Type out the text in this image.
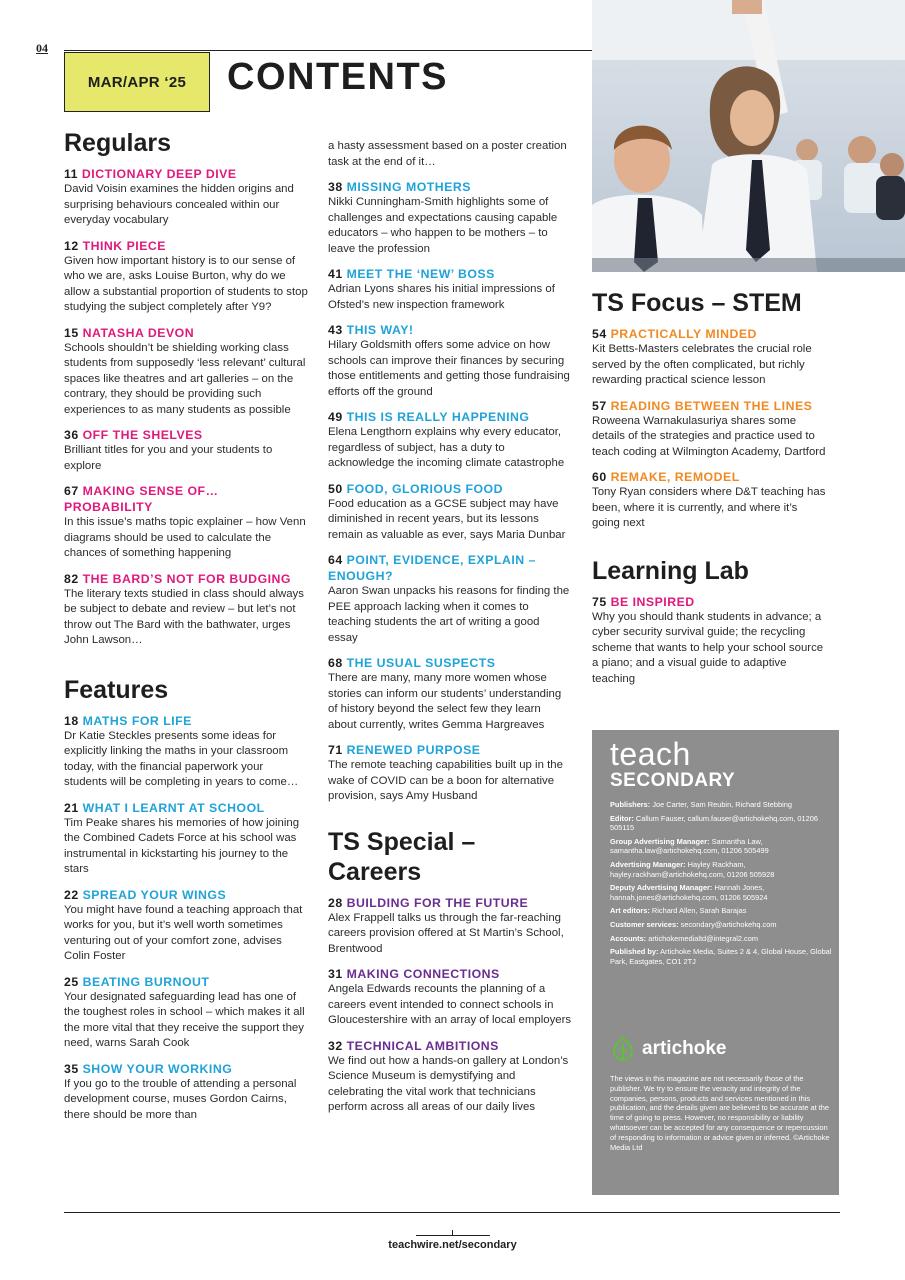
04
MAR/APR ‘25	CONTENTS
Regulars
11 DICTIONARY DEEP DIVE
David Voisin examines the hidden origins and surprising behaviours concealed within our everyday vocabulary
12 THINK PIECE
Given how important history is to our sense of who we are, asks Louise Burton, why do we allow a substantial proportion of students to stop studying the subject completely after Y9?
15 NATASHA DEVON
Schools shouldn’t be shielding working class students from supposedly ‘less relevant’ cultural spaces like theatres and art galleries – on the contrary, they should be providing such experiences to as many students as possible
36 OFF THE SHELVES
Brilliant titles for you and your students to explore
67 MAKING SENSE OF… PROBABILITY
In this issue’s maths topic explainer – how Venn diagrams should be used to calculate the chances of something happening
82 THE BARD’S NOT FOR BUDGING
The literary texts studied in class should always be subject to debate and review – but let’s not throw out The Bard with the bathwater, urges John Lawson…
Features
18 MATHS FOR LIFE
Dr Katie Steckles presents some ideas for explicitly linking the maths in your classroom today, with the financial paperwork your students will be completing in years to come…
21 WHAT I LEARNT AT SCHOOL
Tim Peake shares his memories of how joining the Combined Cadets Force at his school was instrumental in kickstarting his journey to the stars
22 SPREAD YOUR WINGS
You might have found a teaching approach that works for you, but it’s well worth sometimes venturing out of your comfort zone, advises Colin Foster
25 BEATING BURNOUT
Your designated safeguarding lead has one of the toughest roles in school – which makes it all the more vital that they receive the support they need, warns Sarah Cook
35 SHOW YOUR WORKING
If you go to the trouble of attending a personal development course, muses Gordon Cairns, there should be more than
a hasty assessment based on a poster creation task at the end of it…
38 MISSING MOTHERS
Nikki Cunningham-Smith highlights some of challenges and expectations causing capable educators – who happen to be mothers – to leave the profession
41 MEET THE ‘NEW’ BOSS
Adrian Lyons shares his initial impressions of Ofsted’s new inspection framework
43 THIS WAY!
Hilary Goldsmith offers some advice on how schools can improve their finances by securing those entitlements and getting those fundraising efforts off the ground
49 THIS IS REALLY HAPPENING
Elena Lengthorn explains why every educator, regardless of subject, has a duty to acknowledge the incoming climate catastrophe
50 FOOD, GLORIOUS FOOD
Food education as a GCSE subject may have diminished in recent years, but its lessons remain as valuable as ever, says Maria Dunbar
64 POINT, EVIDENCE, EXPLAIN – ENOUGH?
Aaron Swan unpacks his reasons for finding the PEE approach lacking when it comes to teaching students the art of writing a good essay
68 THE USUAL SUSPECTS
There are many, many more women whose stories can inform our students’ understanding of history beyond the select few they learn about currently, writes Gemma Hargreaves
71 RENEWED PURPOSE
The remote teaching capabilities built up in the wake of COVID can be a boon for alternative provision, says Amy Husband
TS Special – Careers
28 BUILDING FOR THE FUTURE
Alex Frappell talks us through the far-reaching careers provision offered at St Martin’s School, Brentwood
31 MAKING CONNECTIONS
Angela Edwards recounts the planning of a careers event intended to connect schools in Gloucestershire with an array of local employers
32 TECHNICAL AMBITIONS
We find out how a hands-on gallery at London’s Science Museum is demystifying and celebrating the vital work that technicians perform across all areas of our daily lives
TS Focus – STEM
54 PRACTICALLY MINDED
Kit Betts-Masters celebrates the crucial role served by the often complicated, but richly rewarding practical science lesson
57 READING BETWEEN THE LINES
Roweena Warnakulasuriya shares some details of the strategies and practice used to teach coding at Wilmington Academy, Dartford
60 REMAKE, REMODEL
Tony Ryan considers where D&T teaching has been, where it is currently, and where it’s going next
Learning Lab
75 BE INSPIRED
Why you should thank students in advance; a cyber security survival guide; the recycling scheme that wants to help your school source a piano; and a visual guide to adaptive teaching
teach
SECONDARY
Publishers: Joe Carter, Sam Reubin, Richard Stebbing
Editor: Callum Fauser, callum.fauser@artichokehq.com, 01206 505115
Group Advertising Manager: Samantha Law, samantha.law@artichokehq.com, 01206 505499
Advertising Manager: Hayley Rackham, hayley.rackham@artichokehq.com, 01206 505928
Deputy Advertising Manager: Hannah Jones, hannah.jones@artichokehq.com, 01206 505924
Art editors: Richard Allen, Sarah Barajas
Customer services: secondary@artichokehq.com
Accounts: artichokemedialtd@integral2.com
Published by: Artichoke Media, Suites 2 & 4, Global House, Global Park, Eastgates, CO1 2TJ
artichoke
The views in this magazine are not necessarily those of the publisher. We try to ensure the veracity and integrity of the companies, persons, products and services mentioned in this publication, and the details given are believed to be accurate at the time of going to press. However, no responsibility or liability whatsoever can be accepted for any consequence or repercussion of responding to information or advice given or inferred. ©Artichoke Media Ltd
teachwire.net/secondary
